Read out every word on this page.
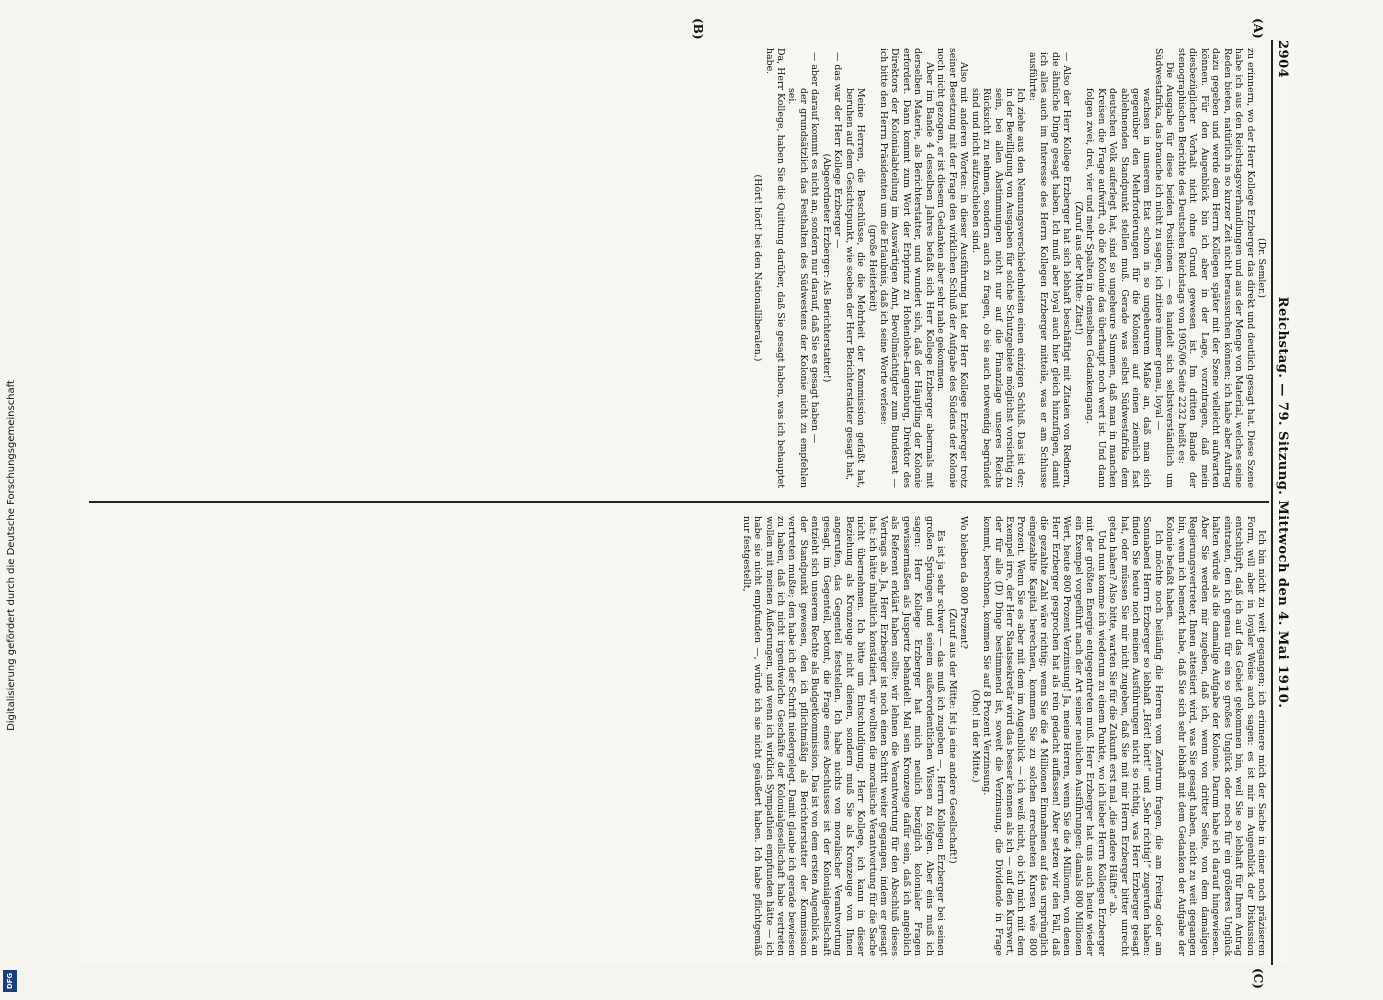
Digitalisierung gefördert durch die Deutsche Forschungsgemeinschaft
DFG
2904
Reichstag. — 79. Sitzung. Mittwoch den 4. Mai 1910.
(A)
(B)
(C)

(Dr. Semler.)

zu erinnern, wo der Herr Kollege Erzberger das direkt und deutlich gesagt hat. Diese Szene habe ich aus den Reichstagsverhandlungen und aus der Menge von Material, welches seine Reden bieten, natürlich in so kurzer Zeit nicht heraussuchen können; ich habe aber Auftrag dazu gegeben und werde dem Herrn Kollegen später mit der Szene vielleicht aufwarten können. Für den Augenblick bin ich aber in der Lage, vorzutragen, daß mein diesbezüglicher Vorhalt nicht ohne Grund gewesen ist. Im dritten Bande der stenographischen Berichte des Deutschen Reichstags von 1905/06 Seite 2232 heißt es:

Die Ausgabe für diese beiden Positionen — es handelt sich selbstverständlich um Südwestafrika, das brauche ich nicht zu sagen, ich zitiere immer genau, loyal —

wachsen in unserem Etat schon in so ungeheurem Maße an, daß man sich gegenüber den Mehrforderungen für die Kolonien auf einen ziemlich fast ablehnenden Standpunkt stellen muß. Gerade was selbst Südwestafrika dem deutschen Volk auferlegt hat, sind so ungeheure Summen, daß man in manchen Kreisen die Frage aufwirft, ob die Kolonie das überhaupt noch wert ist. Und dann folgen zwei, drei, vier und mehr Spalten in demselben Gedankengang.

(Zuruf aus der Mitte: Zitat!)

— Also der Herr Kollege Erzberger hat sich lebhaft beschäftigt mit Zitaten von Rednern, die ähnliche Dinge gesagt haben. Ich muß aber loyal auch hier gleich hinzufügen, damit ich alles auch im Interesse des Herrn Kollegen Erzberger mitteile, was er am Schlusse ausführte:

Ich ziehe aus den Nennungsverschiedenheiten einen einzigen Schluß. Das ist der: in der Bewilligung von Ausgaben für solche Schutzgebiete möglichst vorsichtig zu sein, bei allen Abstimmungen nicht nur auf die Finanzlage unseres Reichs Rücksicht zu nehmen, sondern auch zu fragen, ob sie auch notwendig begründet sind und nicht aufzuschieben sind.

Also mit anderen Worten: in dieser Ausführung hat der Herr Kollege Erzberger trotz seiner Besetzung mit der Frage den wirklichen Schluß der Aufgabe des Südens der Kolonie noch nicht gezogen, er ist diesem Gedanken aber sehr nahe gekommen.

Aber im Bande 4 desselben Jahres befaßt sich Herr Kollege Erzberger abermals mit derselben Materie, als Berichterstatter, und wundert sich, daß der Häuptling der Kolonie erfordert. Dann kommt zum Wort der Erbprinz zu Hohenlohe-Langenburg, Direktor des Direktors der Kolonialabteilung im Auswärtigen Amt, Bevollmächtigter zum Bundesrat — ich bitte den Herrn Präsidenten um die Erlaubnis, daß ich seine Worte verlese:

(große Heiterkeit)

Meine Herren, die Beschlüsse, die die Mehrheit der Kommission gefaßt hat, beruhen auf dem Gesichtspunkt, wie soeben der Herr Berichterstatter gesagt hat,

— das war der Herr Kollege Erzberger —

(Abgeordneter Erzberger: Als Berichterstatter!)

— aber darauf kommt es nicht an, sondern nur darauf, daß Sie es gesagt haben —

der grundsätzlich das Festhalten des Südwestens der Kolonie nicht zu empfehlen sei.

Da, Herr Kollege, haben Sie die Quittung darüber, daß Sie gesagt haben, was ich behauptet habe.

(Hört! hört! bei den Nationalliberalen.)

Ich bin nicht zu weit gegangen; ich erinnere mich der Sache in einer noch präziseren Form, will aber in loyaler Weise auch sagen: es ist mir im Augenblick der Diskussion entschlüpft, daß ich auf das Gebiet gekommen bin, weil Sie so lebhaft für Ihren Antrag eintraten, den ich genau für ein so großes Unglück oder noch für ein größeres Unglück halten würde als die damalige Aufgabe der Kolonie. Darum habe ich darauf hingewiesen. Aber Sie werden mir zugeben, daß ich, wenn von dritter Seite, von dem damaligen Regierungsvertreter, Ihnen attestiert wird, was Sie gesagt haben, nicht zu weit gegangen bin, wenn ich bemerkt habe, daß Sie sich sehr lebhaft mit dem Gedanken der Aufgabe der Kolonie befaßt haben.

Ich möchte noch beiläufig die Herren vom Zentrum fragen, die am Freitag oder am Sonnabend Herrn Erzberger so lebhaft „Hört! hört!“ und „Sehr richtig!“ zugerufen haben: finden Sie heute noch meinen Ausführungen nicht so richtig, was Herr Erzberger gesagt hat, oder müssen Sie mir nicht zugeben, daß Sie mit mir Herrn Erzberger bitter unrecht getan haben? Also bitte, warten Sie für die Zukunft erst mal „die andere Hälfte“ ab.

Und nun komme ich wiederum zu einem Punkte, wo ich lieber Herrn Kollegen Erzberger mit der größten Energie entgegentreten muß. Herr Erzberger hat uns auch heute wieder ein Exempel vorgeführt nach der Art seiner neulichen Ausführungen: damals 800 Millionen Wert, heute 800 Prozent Verzinsung! Ja, meine Herren, wenn Sie die 4 Millionen, von denen Herr Erzberger gesprochen hat als rein gedacht auffassen! Aber setzen wir den Fall, daß die gezahlte Zahl wäre richtig; wenn Sie die 4 Millionen Einnahmen auf das ursprünglich eingezahlte Kapital berechnen, kommen Sie zu solchen errechneten Kursen wie 800 Prozent. Wenn Sie es aber mit dem im Augenblick — ich weiß nicht, ob ich mich mit dem Exempel irre, der Herr Staatssekretär wird das besser kennen als ich — auf den Kurswert, der für alle (D) Dinge bestimmend ist, soweit die Verzinsung, die Dividende in Frage kommt, berechnen, kommen Sie auf 8 Prozent Verzinsung.

(Oho! in der Mitte.)

Wo bleiben da 800 Prozent?

(Zuruf aus der Mitte: Ist ja eine andere Gesellschaft!)

Es ist ja sehr schwer — das muß ich zugeben —, Herrn Kollegen Erzberger bei seinen großen Sprüngen und seinem außerordentlichen Wissen zu folgen. Aber eins muß ich sagen: Herr Kollege Erzberger hat mich neulich bezüglich kolonialer Fragen gewissermaßen als Juspertz behandelt. Mal sein Kronzeuge dafür sein, daß ich angeblich als Referent erklärt haben sollte: wir lehnen die Verantwortung für den Abschluß dieses Vertrags ab. Ja, Herr Erzberger ist noch einen Schritt weiter gegangen, indem er gesagt hat: ich hätte inhaltlich konstatiert, wir wollten die moralische Verantwortung für die Sache nicht übernehmen. Ich bitte um Entschuldigung, Herr Kollege, ich kann in dieser Beziehung als Kronzeuge nicht dienen, sondern muß Sie als Kronzeuge von Ihnen angerufen, das Gegenteil feststellen. Ich habe nichts von moralischer Verantwortung gesagt, im Gegenteil, betont, die Frage eines Abschlusses ist der Kolonialgesellschaft entzieht sich unserem Rechte als Budgetkommission. Das ist von dem ersten Augenblick an der Standpunkt gewesen, den ich pflichtmäßig als Berichterstatter der Kommission vertreten mußte; den habe ich der Schrift niedergelegt. Damit glaube ich gerade bewiesen zu haben, daß ich nicht irgendwelche Geschäfte der Kolonialgesellschaft habe vertreten wollen mit meinen Äußerungen, und wenn ich wirklich Sympathien empfunden hätte — ich habe sie nicht empfunden —, würde ich sie nicht geäußert haben. Ich habe pflichtgemäß nur festgestellt,
